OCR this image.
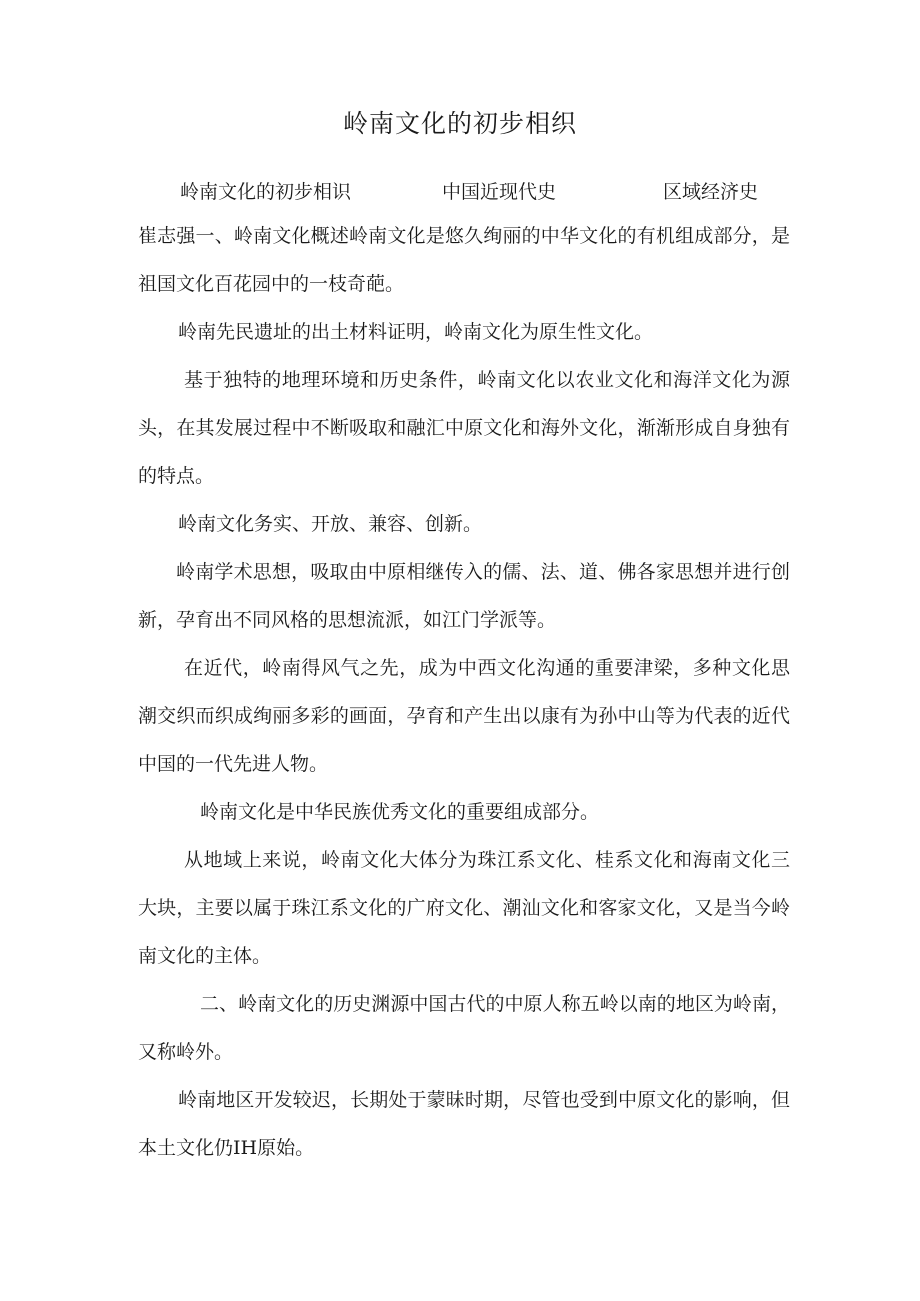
岭南文化的初步相织
岭南文化的初步相识	中国近现代史	区域经济史

崔志强一、岭南文化概述岭南文化是悠久绚丽的中华文化的有机组成部分，是祖国文化百花园中的一枝奇葩。

岭南先民遗址的出土材料证明，岭南文化为原生性文化。

基于独特的地理环境和历史条件，岭南文化以农业文化和海洋文化为源头，在其发展过程中不断吸取和融汇中原文化和海外文化，渐渐形成自身独有的特点。

岭南文化务实、开放、兼容、创新。

岭南学术思想，吸取由中原相继传入的儒、法、道、佛各家思想并进行创新，孕育出不同风格的思想流派，如江门学派等。

在近代，岭南得风气之先，成为中西文化沟通的重要津梁，多种文化思潮交织而织成绚丽多彩的画面，孕育和产生出以康有为孙中山等为代表的近代中国的一代先进人物。

岭南文化是中华民族优秀文化的重要组成部分。

从地域上来说，岭南文化大体分为珠江系文化、桂系文化和海南文化三大块，主要以属于珠江系文化的广府文化、潮汕文化和客家文化，又是当今岭南文化的主体。

二、岭南文化的历史渊源中国古代的中原人称五岭以南的地区为岭南，又称岭外。

岭南地区开发较迟，长期处于蒙昧时期，尽管也受到中原文化的影响，但本土文化仍IH原始。
